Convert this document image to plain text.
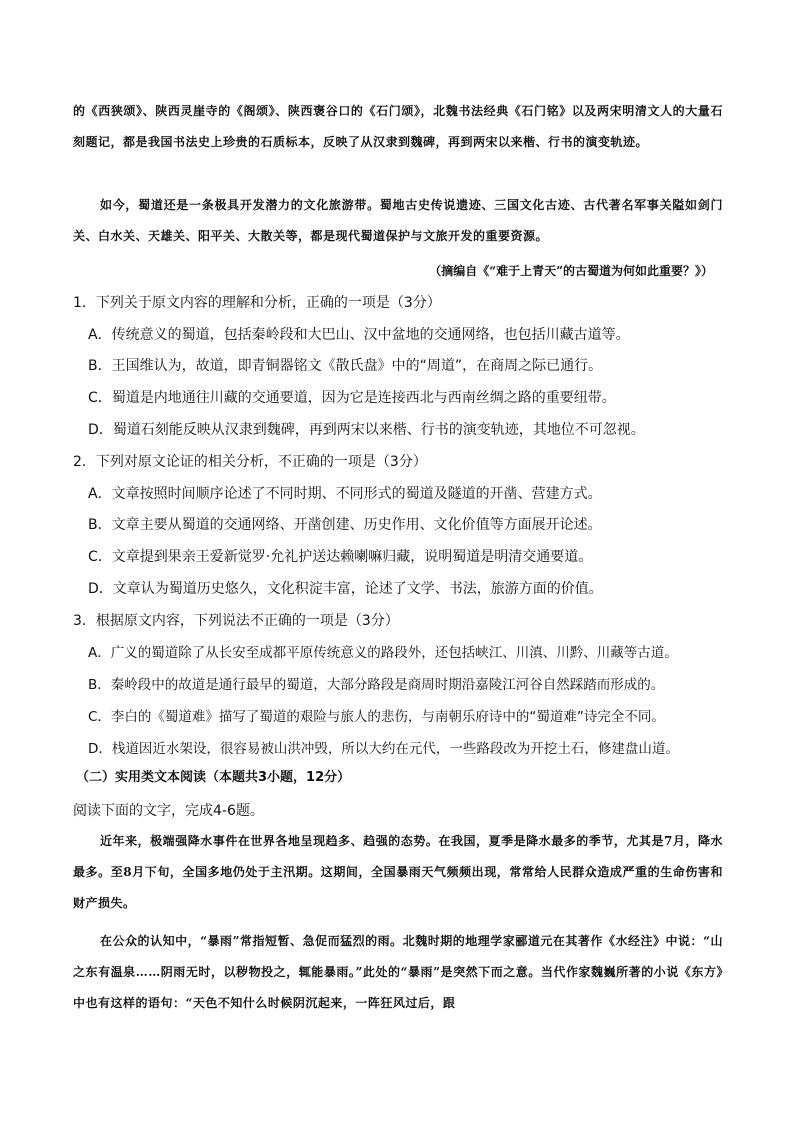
的《西狭颂》、陕西灵崖寺的《阁颂》、陕西褒谷口的《石门颂》，北魏书法经典《石门铭》以及两宋明清文人的大量石刻题记，都是我国书法史上珍贵的石质标本，反映了从汉隶到魏碑，再到两宋以来楷、行书的演变轨迹。
如今，蜀道还是一条极具开发潜力的文化旅游带。蜀地古史传说遗迹、三国文化古迹、古代著名军事关隘如剑门关、白水关、天雄关、阳平关、大散关等，都是现代蜀道保护与文旅开发的重要资源。
（摘编自《“难于上青天”的古蜀道为何如此重要？》）
1．下列关于原文内容的理解和分析，正确的一项是（3分）
A．传统意义的蜀道，包括秦岭段和大巴山、汉中盆地的交通网络，也包括川藏古道等。
B．王国维认为，故道，即青铜器铭文《散氏盘》中的“周道”，在商周之际已通行。
C．蜀道是内地通往川藏的交通要道，因为它是连接西北与西南丝绸之路的重要纽带。
D．蜀道石刻能反映从汉隶到魏碑，再到两宋以来楷、行书的演变轨迹，其地位不可忽视。
2．下列对原文论证的相关分析，不正确的一项是（3分）
A．文章按照时间顺序论述了不同时期、不同形式的蜀道及隧道的开凿、营建方式。
B．文章主要从蜀道的交通网络、开凿创建、历史作用、文化价值等方面展开论述。
C．文章提到果亲王爱新觉罗·允礼护送达赖喇嘛归藏，说明蜀道是明清交通要道。
D．文章认为蜀道历史悠久，文化积淀丰富，论述了文学、书法，旅游方面的价值。
3．根据原文内容，下列说法不正确的一项是（3分）
A．广义的蜀道除了从长安至成都平原传统意义的路段外，还包括峡江、川滇、川黔、川藏等古道。
B．秦岭段中的故道是通行最早的蜀道，大部分路段是商周时期沿嘉陵江河谷自然踩踏而形成的。
C．李白的《蜀道难》描写了蜀道的艰险与旅人的悲伤，与南朝乐府诗中的“蜀道难”诗完全不同。
D．栈道因近水架设，很容易被山洪冲毁，所以大约在元代，一些路段改为开挖土石，修建盘山道。
（二）实用类文本阅读（本题共3小题，12分）
阅读下面的文字，完成4-6题。
近年来，极端强降水事件在世界各地呈现趋多、趋强的态势。在我国，夏季是降水最多的季节，尤其是7月，降水最多。至8月下旬，全国多地仍处于主汛期。这期间，全国暴雨天气频频出现，常常给人民群众造成严重的生命伤害和财产损失。
在公众的认知中，“暴雨”常指短暂、急促而猛烈的雨。北魏时期的地理学家郦道元在其著作《水经注》中说：“山之东有温泉……阴雨无时，以秽物投之，辄能暴雨。”此处的“暴雨”是突然下而之意。当代作家魏巍所著的小说《东方》中也有这样的语句：“天色不知什么时候阴沉起来，一阵狂风过后，跟
